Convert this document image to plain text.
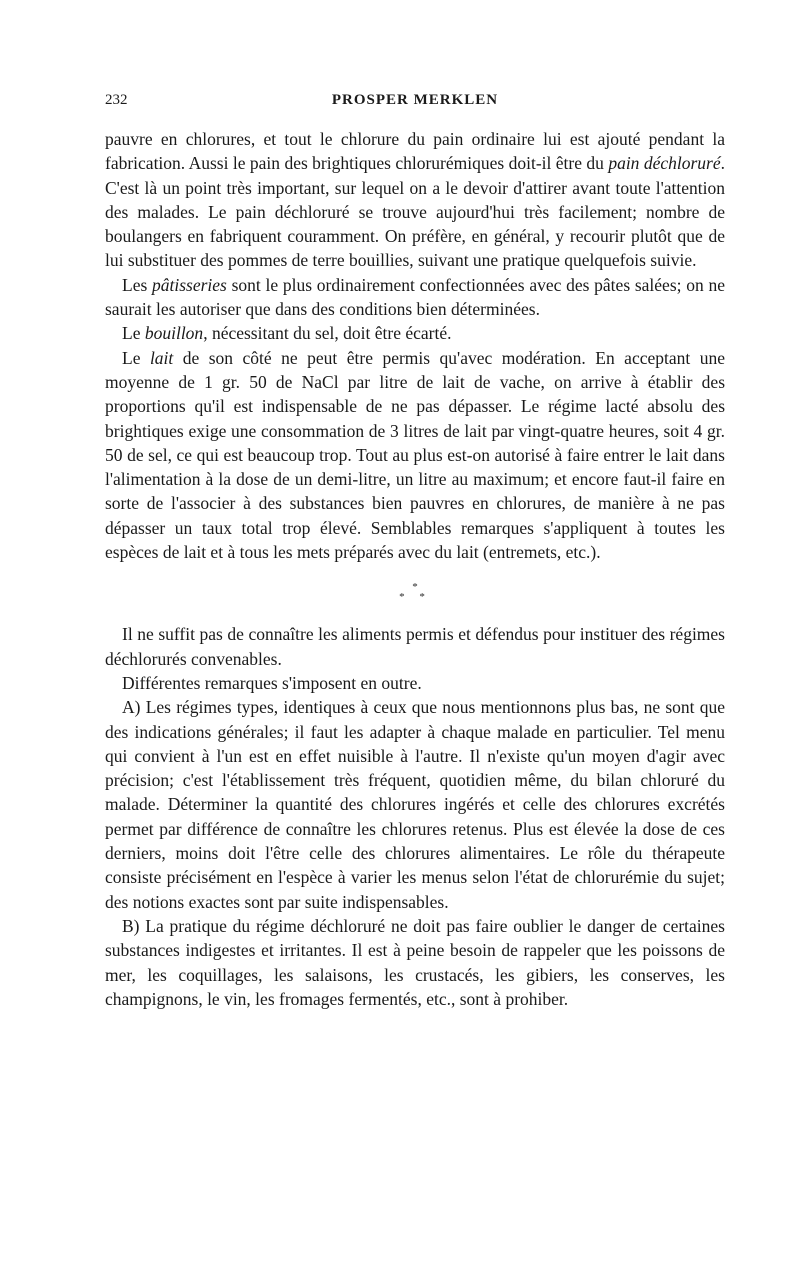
232	PROSPER MERKLEN

pauvre en chlorures, et tout le chlorure du pain ordinaire lui est ajouté pendant la fabrication. Aussi le pain des brightiques chlorurémiques doit-il être du pain déchloruré. C'est là un point très important, sur lequel on a le devoir d'attirer avant toute l'attention des malades. Le pain déchloruré se trouve aujourd'hui très facilement; nombre de boulangers en fabriquent couramment. On préfère, en général, y recourir plutôt que de lui substituer des pommes de terre bouillies, suivant une pratique quelquefois suivie.

Les pâtisseries sont le plus ordinairement confectionnées avec des pâtes salées; on ne saurait les autoriser que dans des conditions bien déterminées.

Le bouillon, nécessitant du sel, doit être écarté.

Le lait de son côté ne peut être permis qu'avec modération. En acceptant une moyenne de 1 gr. 50 de NaCl par litre de lait de vache, on arrive à établir des proportions qu'il est indispensable de ne pas dépasser. Le régime lacté absolu des brightiques exige une consommation de 3 litres de lait par vingt-quatre heures, soit 4 gr. 50 de sel, ce qui est beaucoup trop. Tout au plus est-on autorisé à faire entrer le lait dans l'alimentation à la dose de un demi-litre, un litre au maximum; et encore faut-il faire en sorte de l'associer à des substances bien pauvres en chlorures, de manière à ne pas dépasser un taux total trop élevé. Semblables remarques s'appliquent à toutes les espèces de lait et à tous les mets préparés avec du lait (entremets, etc.).

*
* *

Il ne suffit pas de connaître les aliments permis et défendus pour instituer des régimes déchlorurés convenables.

Différentes remarques s'imposent en outre.

A) Les régimes types, identiques à ceux que nous mentionnons plus bas, ne sont que des indications générales; il faut les adapter à chaque malade en particulier. Tel menu qui convient à l'un est en effet nuisible à l'autre. Il n'existe qu'un moyen d'agir avec précision; c'est l'établissement très fréquent, quotidien même, du bilan chloruré du malade. Déterminer la quantité des chlorures ingérés et celle des chlorures excrétés permet par différence de connaître les chlorures retenus. Plus est élevée la dose de ces derniers, moins doit l'être celle des chlorures alimentaires. Le rôle du thérapeute consiste précisément en l'espèce à varier les menus selon l'état de chlorurémie du sujet; des notions exactes sont par suite indispensables.

B) La pratique du régime déchloruré ne doit pas faire oublier le danger de certaines substances indigestes et irritantes. Il est à peine besoin de rappeler que les poissons de mer, les coquillages, les salaisons, les crustacés, les gibiers, les conserves, les champignons, le vin, les fromages fermentés, etc., sont à prohiber.
